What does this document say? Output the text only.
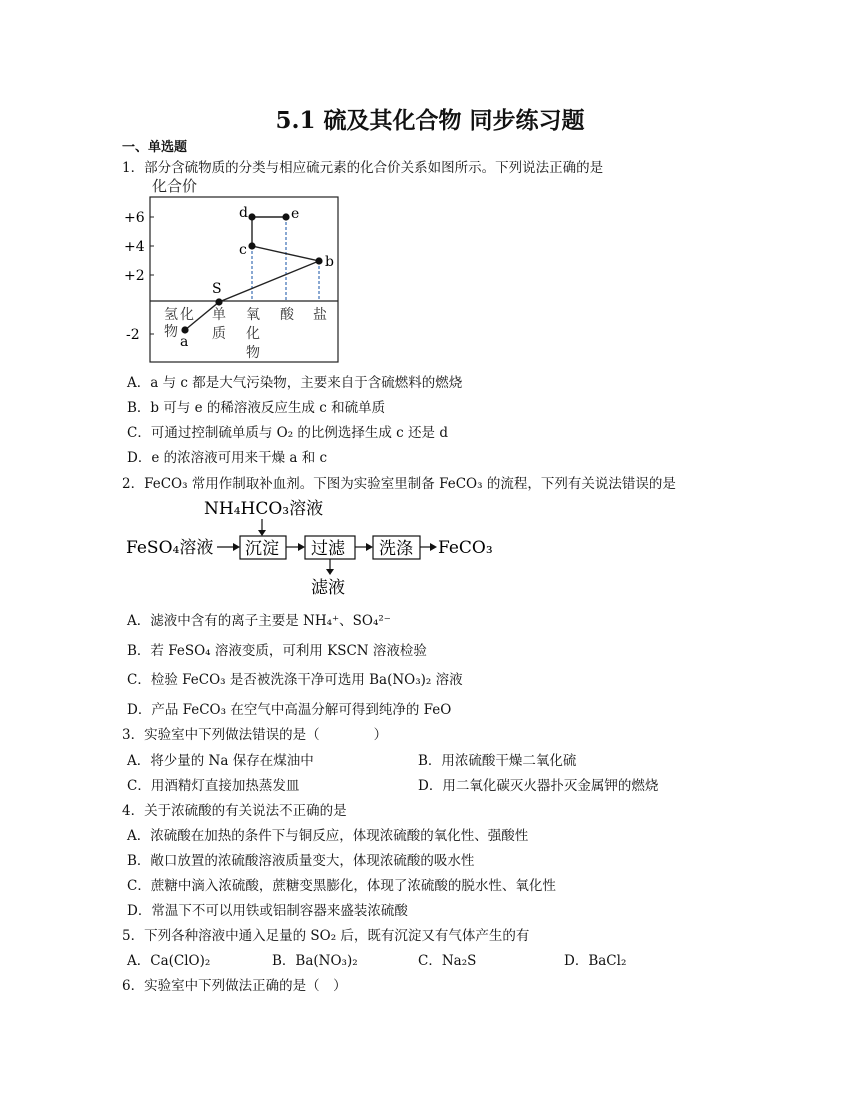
5.1 硫及其化合物 同步练习题
一、单选题
1．部分含硫物质的分类与相应硫元素的化合价关系如图所示。下列说法正确的是
化合价
+6
+4
+2
-2
d	e
c
b
S
a
氢 化
物
单
质
氧
化
物
酸 盐
A．a 与 c 都是大气污染物，主要来自于含硫燃料的燃烧
B．b 可与 e 的稀溶液反应生成 c 和硫单质
C．可通过控制硫单质与 O₂ 的比例选择生成 c 还是 d
D．e 的浓溶液可用来干燥 a 和 c
2．FeCO₃ 常用作制取补血剂。下图为实验室里制备 FeCO₃ 的流程，下列有关说法错误的是
NH₄HCO₃溶液
FeSO₄溶液 沉淀 过滤
滤液
洗涤 FeCO₃
A．滤液中含有的离子主要是 NH₄⁺、SO₄²⁻
B．若 FeSO₄ 溶液变质，可利用 KSCN 溶液检验
C．检验 FeCO₃ 是否被洗涤干净可选用 Ba(NO₃)₂ 溶液
D．产品 FeCO₃ 在空气中高温分解可得到纯净的 FeO
3．实验室中下列做法错误的是（　　　　）
A．将少量的 Na 保存在煤油中	B．用浓硫酸干燥二氧化硫
C．用酒精灯直接加热蒸发皿	D．用二氧化碳灭火器扑灭金属钾的燃烧
4．关于浓硫酸的有关说法不正确的是
A．浓硫酸在加热的条件下与铜反应，体现浓硫酸的氧化性、强酸性
B．敞口放置的浓硫酸溶液质量变大，体现浓硫酸的吸水性
C．蔗糖中滴入浓硫酸，蔗糖变黑膨化，体现了浓硫酸的脱水性、氧化性
D．常温下不可以用铁或铝制容器来盛装浓硫酸
5．下列各种溶液中通入足量的 SO₂ 后，既有沉淀又有气体产生的有
A．Ca(ClO)₂	B．Ba(NO₃)₂	C．Na₂S	D．BaCl₂
6．实验室中下列做法正确的是（　）
